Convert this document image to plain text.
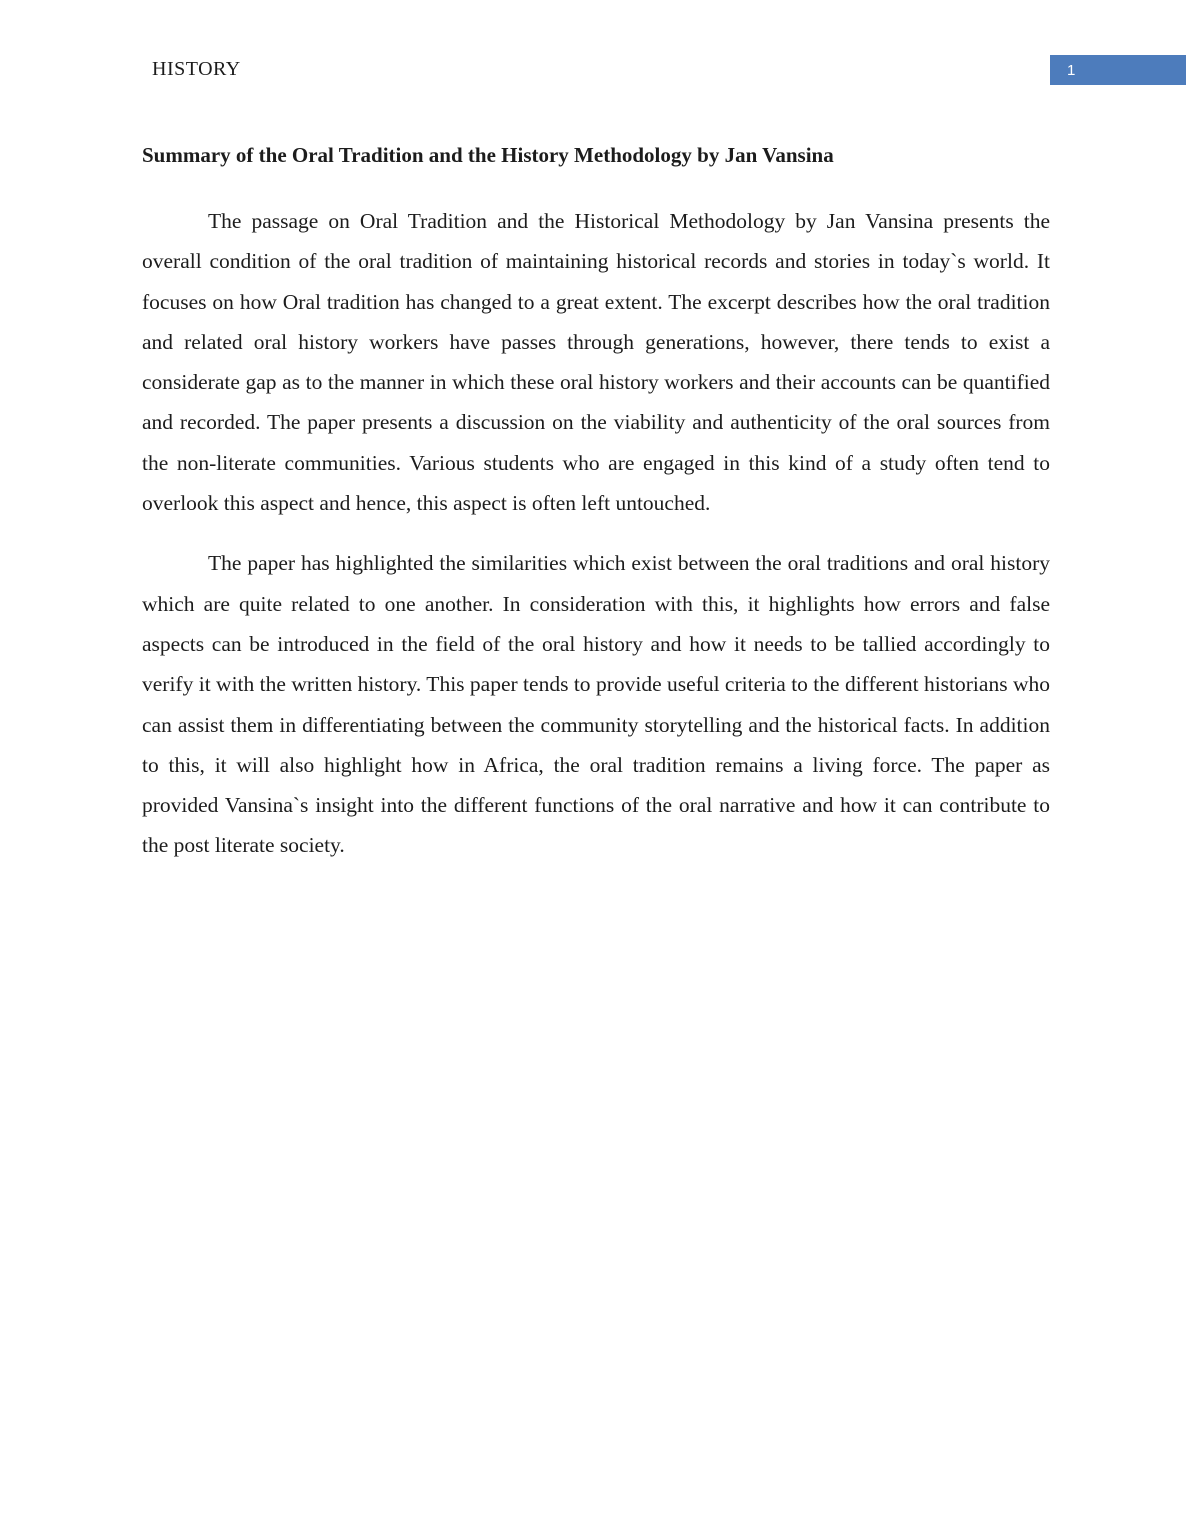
HISTORY	1
Summary of the Oral Tradition and the History Methodology by Jan Vansina

The passage on Oral Tradition and the Historical Methodology by Jan Vansina presents the overall condition of the oral tradition of maintaining historical records and stories in today`s world. It focuses on how Oral tradition has changed to a great extent. The excerpt describes how the oral tradition and related oral history workers have passes through generations, however, there tends to exist a considerate gap as to the manner in which these oral history workers and their accounts can be quantified and recorded. The paper presents a discussion on the viability and authenticity of the oral sources from the non-literate communities. Various students who are engaged in this kind of a study often tend to overlook this aspect and hence, this aspect is often left untouched.

The paper has highlighted the similarities which exist between the oral traditions and oral history which are quite related to one another. In consideration with this, it highlights how errors and false aspects can be introduced in the field of the oral history and how it needs to be tallied accordingly to verify it with the written history. This paper tends to provide useful criteria to the different historians who can assist them in differentiating between the community storytelling and the historical facts. In addition to this, it will also highlight how in Africa, the oral tradition remains a living force. The paper as provided Vansina`s insight into the different functions of the oral narrative and how it can contribute to the post literate society.
